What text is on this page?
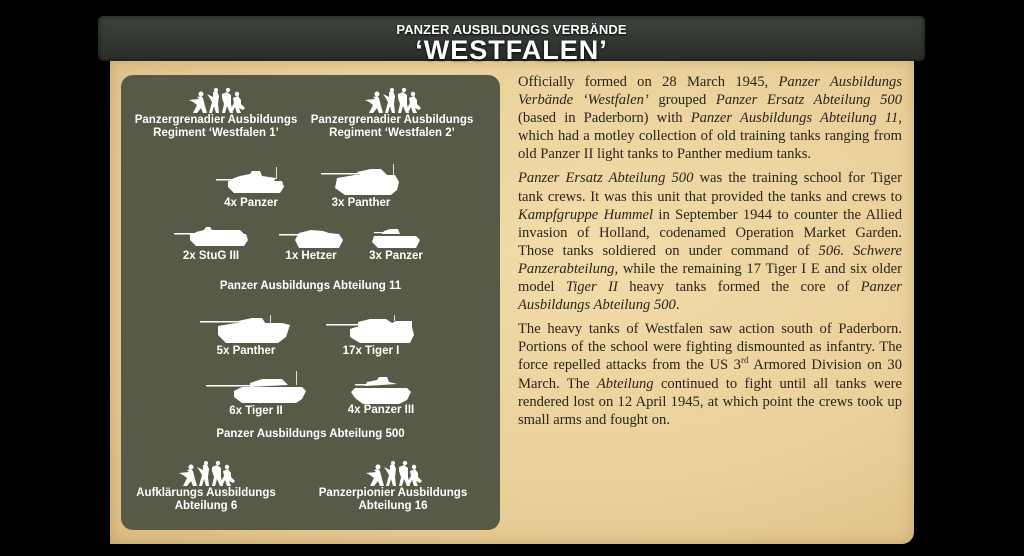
PANZER AUSBILDUNGS VERBÄNDE
‘WESTFALEN’
Panzergrenadier Ausbildungs
Regiment ‘Westfalen 1’
Panzergrenadier Ausbildungs
Regiment ‘Westfalen 2’
4x Panzer	3x Panther
2x StuG III	1x Hetzer	3x Panzer
Panzer Ausbildungs Abteilung 11
5x Panther	17x Tiger I
6x Tiger II	4x Panzer III
Panzer Ausbildungs Abteilung 500
Aufklärungs Ausbildungs
Abteilung 6
Panzerpionier Ausbildungs
Abteilung 16

Officially formed on 28 March 1945, Panzer Ausbildungs Verbände ‘Westfalen’ grouped Panzer Ersatz Abteilung 500 (based in Paderborn) with Panzer Ausbildungs Abteilung 11, which had a motley collection of old training tanks ranging from old Panzer II light tanks to Panther medium tanks.

Panzer Ersatz Abteilung 500 was the training school for Tiger tank crews. It was this unit that provided the tanks and crews to Kampfgruppe Hummel in September 1944 to counter the Allied invasion of Holland, codenamed Operation Market Garden. Those tanks soldiered on under command of 506. Schwere Panzerabteilung, while the remaining 17 Tiger I E and six older model Tiger II heavy tanks formed the core of Panzer Ausbildungs Abteilung 500.

The heavy tanks of Westfalen saw action south of Paderborn. Portions of the school were fighting dismounted as infantry. The force repelled attacks from the US 3rd Armored Division on 30 March. The Abteilung continued to fight until all tanks were rendered lost on 12 April 1945, at which point the crews took up small arms and fought on.
